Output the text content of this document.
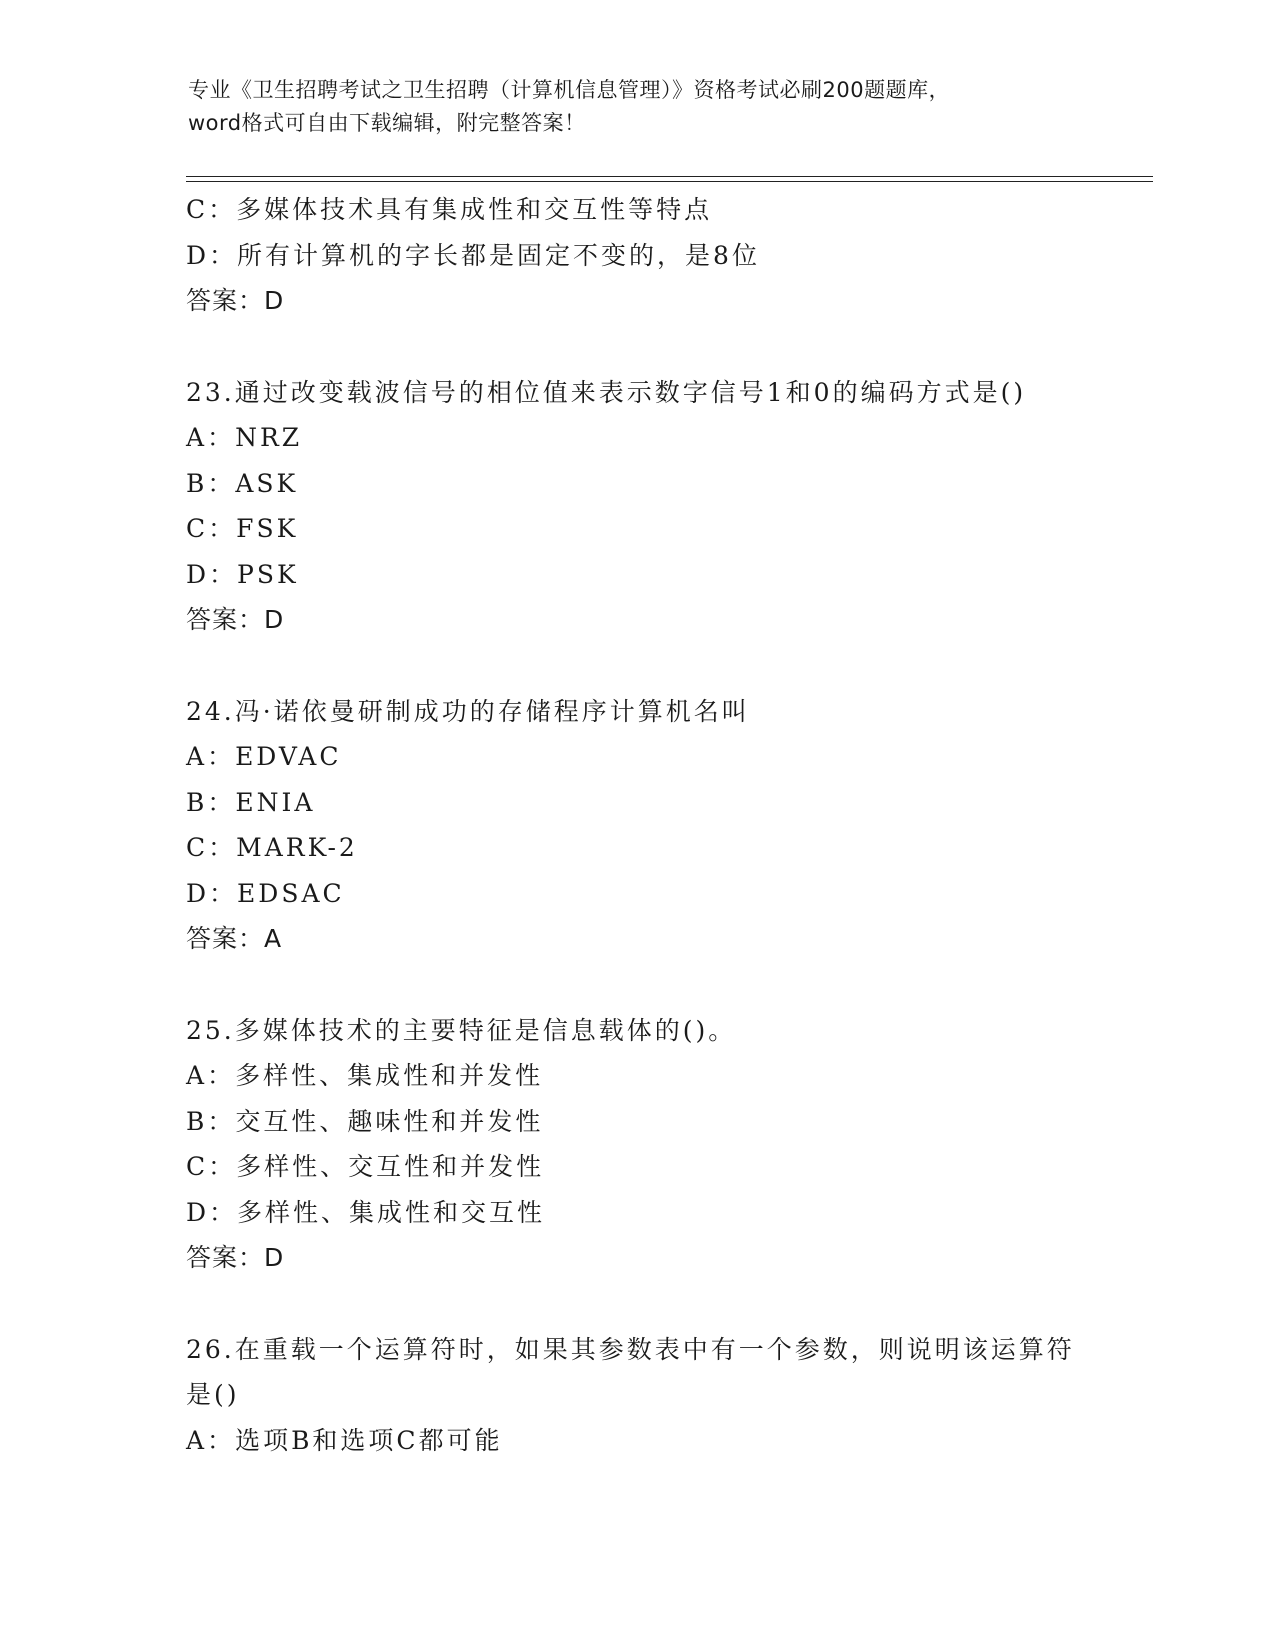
专业《卫生招聘考试之卫生招聘（计算机信息管理）》资格考试必刷200题题库，
word格式可自由下载编辑，附完整答案！
C：多媒体技术具有集成性和交互性等特点
D：所有计算机的字长都是固定不变的，是8位
答案：D
23.通过改变载波信号的相位值来表示数字信号1和0的编码方式是()
A：NRZ
B：ASK
C：FSK
D：PSK
答案：D
24.冯·诺依曼研制成功的存储程序计算机名叫
A：EDVAC
B：ENIA
C：MARK-2
D：EDSAC
答案：A
25.多媒体技术的主要特征是信息载体的()。
A：多样性、集成性和并发性
B：交互性、趣味性和并发性
C：多样性、交互性和并发性
D：多样性、集成性和交互性
答案：D
26.在重载一个运算符时，如果其参数表中有一个参数，则说明该运算符是()
A：选项B和选项C都可能
